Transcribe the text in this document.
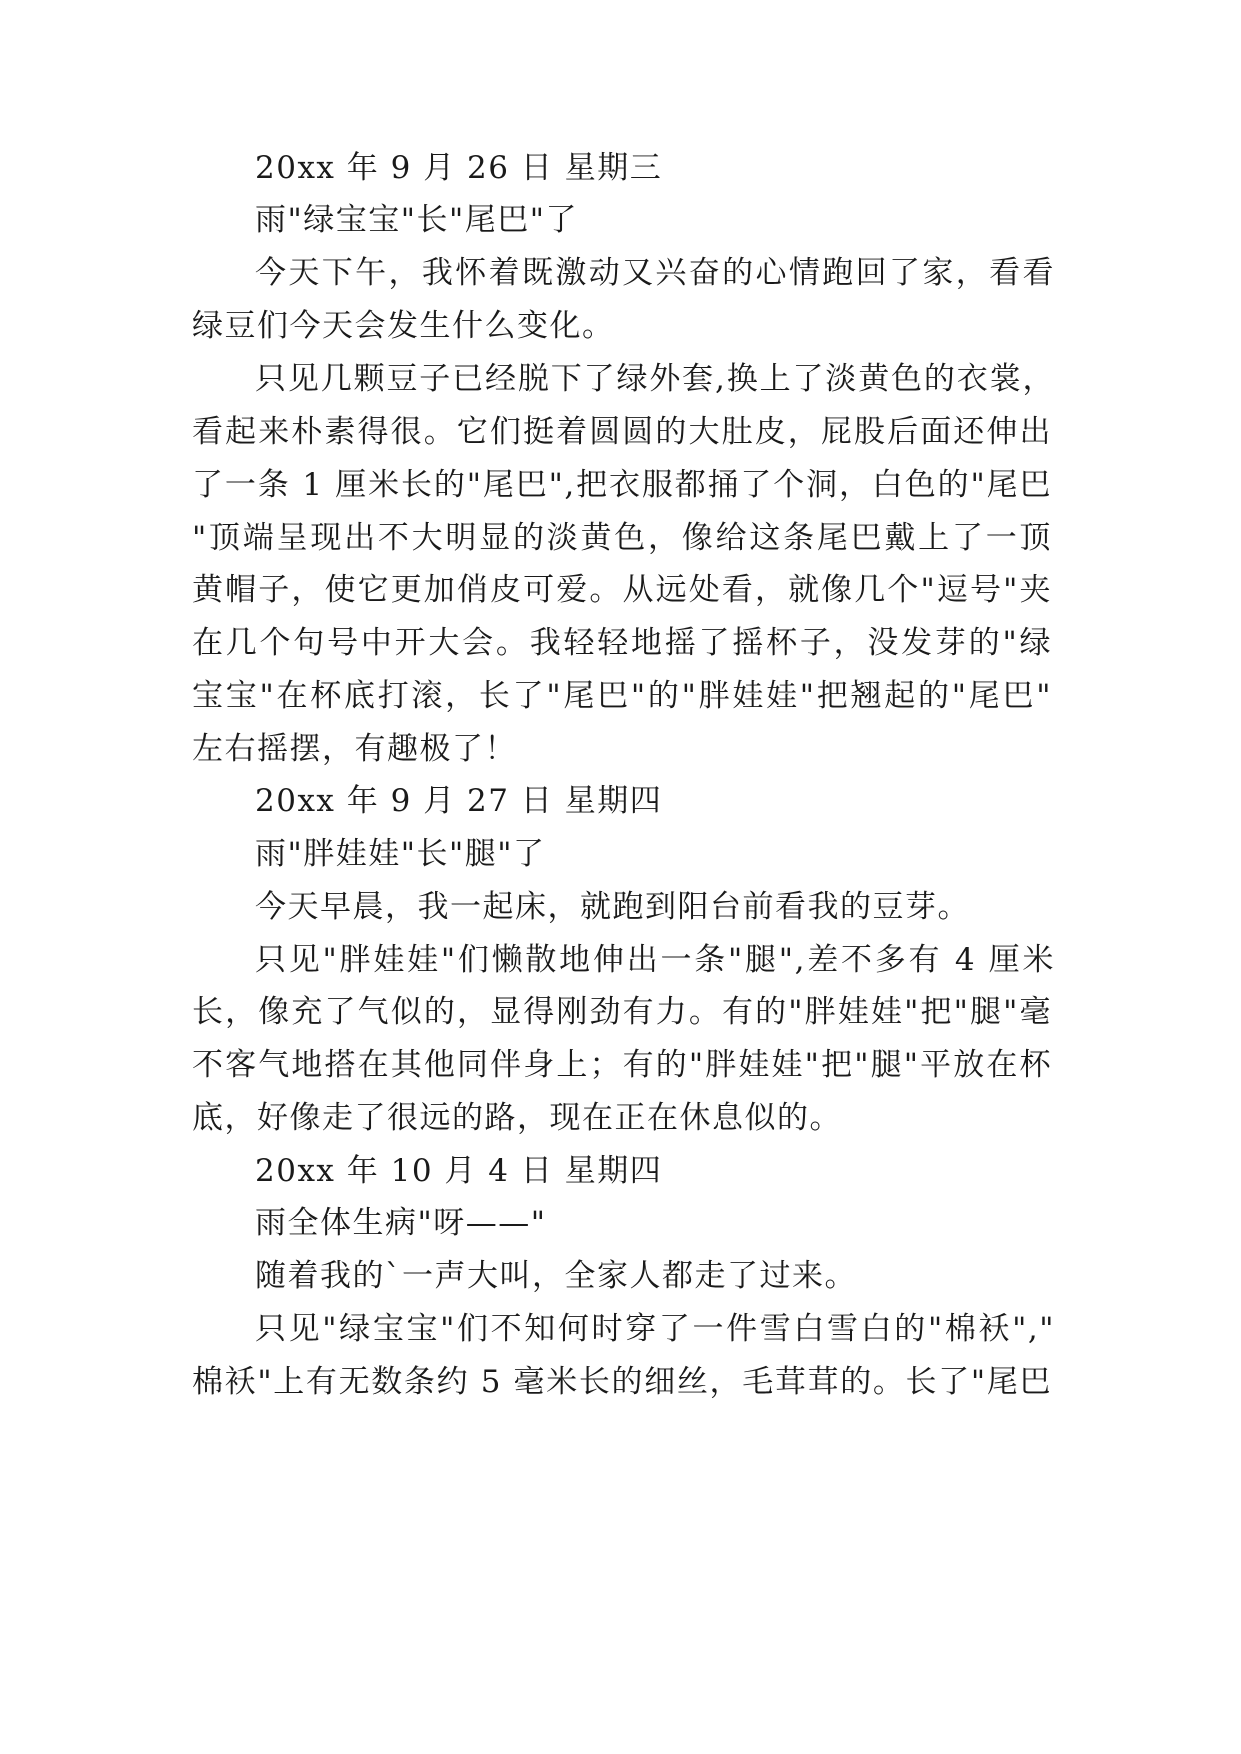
20xx 年 9 月 26 日 星期三
雨"绿宝宝"长"尾巴"了
今天下午，我怀着既激动又兴奋的心情跑回了家，看看
绿豆们今天会发生什么变化。
只见几颗豆子已经脱下了绿外套,换上了淡黄色的衣裳，
看起来朴素得很。它们挺着圆圆的大肚皮，屁股后面还伸出
了一条 1 厘米长的"尾巴",把衣服都捅了个洞，白色的"尾巴
"顶端呈现出不大明显的淡黄色，像给这条尾巴戴上了一顶
黄帽子，使它更加俏皮可爱。从远处看，就像几个"逗号"夹
在几个句号中开大会。我轻轻地摇了摇杯子，没发芽的"绿
宝宝"在杯底打滚，长了"尾巴"的"胖娃娃"把翘起的"尾巴"
左右摇摆，有趣极了！
20xx 年 9 月 27 日 星期四
雨"胖娃娃"长"腿"了
今天早晨，我一起床，就跑到阳台前看我的豆芽。
只见"胖娃娃"们懒散地伸出一条"腿",差不多有 4 厘米
长，像充了气似的，显得刚劲有力。有的"胖娃娃"把"腿"毫
不客气地搭在其他同伴身上；有的"胖娃娃"把"腿"平放在杯
底，好像走了很远的路，现在正在休息似的。
20xx 年 10 月 4 日 星期四
雨全体生病"呀——"
随着我的`一声大叫，全家人都走了过来。
只见"绿宝宝"们不知何时穿了一件雪白雪白的"棉袄","
棉袄"上有无数条约 5 毫米长的细丝，毛茸茸的。长了"尾巴
